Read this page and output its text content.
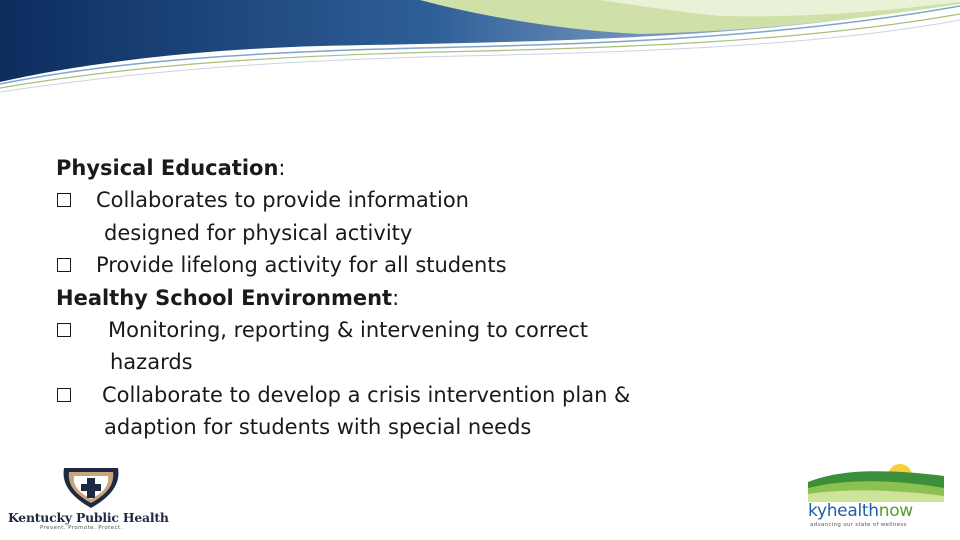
Physical Education:
Collaborates to provide information
designed for physical activity
Provide lifelong activity for all students
Healthy School Environment:
Monitoring, reporting & intervening to correct
hazards
Collaborate to develop a crisis intervention plan &
adaption for students with special needs
Kentucky Public Health
Prevent. Promote. Protect.
kyhealthnow
advancing our state of wellness
